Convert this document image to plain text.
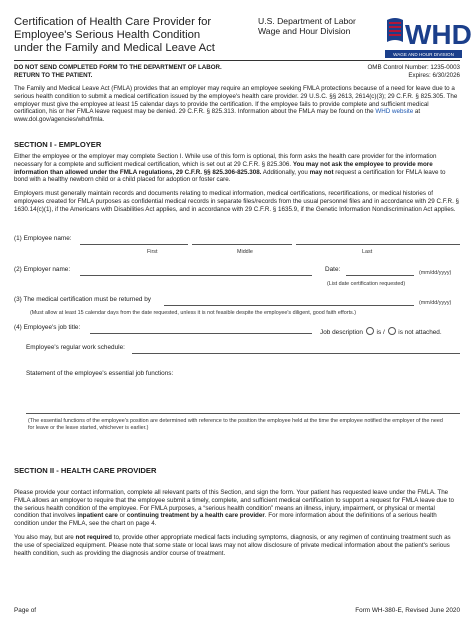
Certification of Health Care Provider for
Employee's Serious Health Condition
under the Family and Medical Leave Act
U.S. Department of Labor
Wage and Hour Division	WHD
WAGE AND HOUR DIVISION
DO NOT SEND COMPLETED FORM TO THE DEPARTMENT OF LABOR.
RETURN TO THE PATIENT.
OMB Control Number: 1235-0003
Expires: 6/30/2026
The Family and Medical Leave Act (FMLA) provides that an employer may require an employee seeking FMLA protections because of a need for leave due to a serious health condition to submit a medical certification issued by the employee's health care provider. 29 U.S.C. §§ 2613, 2614(c)(3); 29 C.F.R. § 825.305. The employer must give the employee at least 15 calendar days to provide the certification. If the employee fails to provide complete and sufficient medical certification, his or her FMLA leave request may be denied. 29 C.F.R. § 825.313. Information about the FMLA may be found on the WHD website at www.dol.gov/agencies/whd/fmla.
SECTION I - EMPLOYER
Either the employee or the employer may complete Section I. While use of this form is optional, this form asks the health care provider for the information necessary for a complete and sufficient medical certification, which is set out at 29 C.F.R. § 825.306. You may not ask the employee to provide more information than allowed under the FMLA regulations, 29 C.F.R. §§ 825.306-825.308. Additionally, you may not request a certification for FMLA leave to bond with a healthy newborn child or a child placed for adoption or foster care.
Employers must generally maintain records and documents relating to medical information, medical certifications, recertifications, or medical histories of employees created for FMLA purposes as confidential medical records in separate files/records from the usual personnel files and in accordance with 29 C.F.R. § 1630.14(c)(1), if the Americans with Disabilities Act applies, and in accordance with 29 C.F.R. § 1635.9, if the Genetic Information Nondiscrimination Act applies.
(1) Employee name:
First	Middle	Last
(2) Employer name:	Date:	(mm/dd/yyyy)
(List date certification requested)
(3) The medical certification must be returned by	(mm/dd/yyyy)
(Must allow at least 15 calendar days from the date requested, unless it is not feasible despite the employee's diligent, good faith efforts.)
(4) Employee's job title:
Job description is / is not attached.
Employee's regular work schedule:
Statement of the employee's essential job functions:
(The essential functions of the employee's position are determined with reference to the position the employee held at the time the employee notified the employer of the need for leave or the leave started, whichever is earlier.)
SECTION II - HEALTH CARE PROVIDER
Please provide your contact information, complete all relevant parts of this Section, and sign the form. Your patient has requested leave under the FMLA. The FMLA allows an employer to require that the employee submit a timely, complete, and sufficient medical certification to support a request for FMLA leave due to the serious health condition of the employee. For FMLA purposes, a “serious health condition” means an illness, injury, impairment, or physical or mental condition that involves inpatient care or continuing treatment by a health care provider. For more information about the definitions of a serious health condition under the FMLA, see the chart on page 4.
You also may, but are not required to, provide other appropriate medical facts including symptoms, diagnosis, or any regimen of continuing treatment such as the use of specialized equipment. Please note that some state or local laws may not allow disclosure of private medical information about the patient's serious health condition, such as providing the diagnosis and/or course of treatment.
Page of	Form WH-380-E, Revised June 2020
